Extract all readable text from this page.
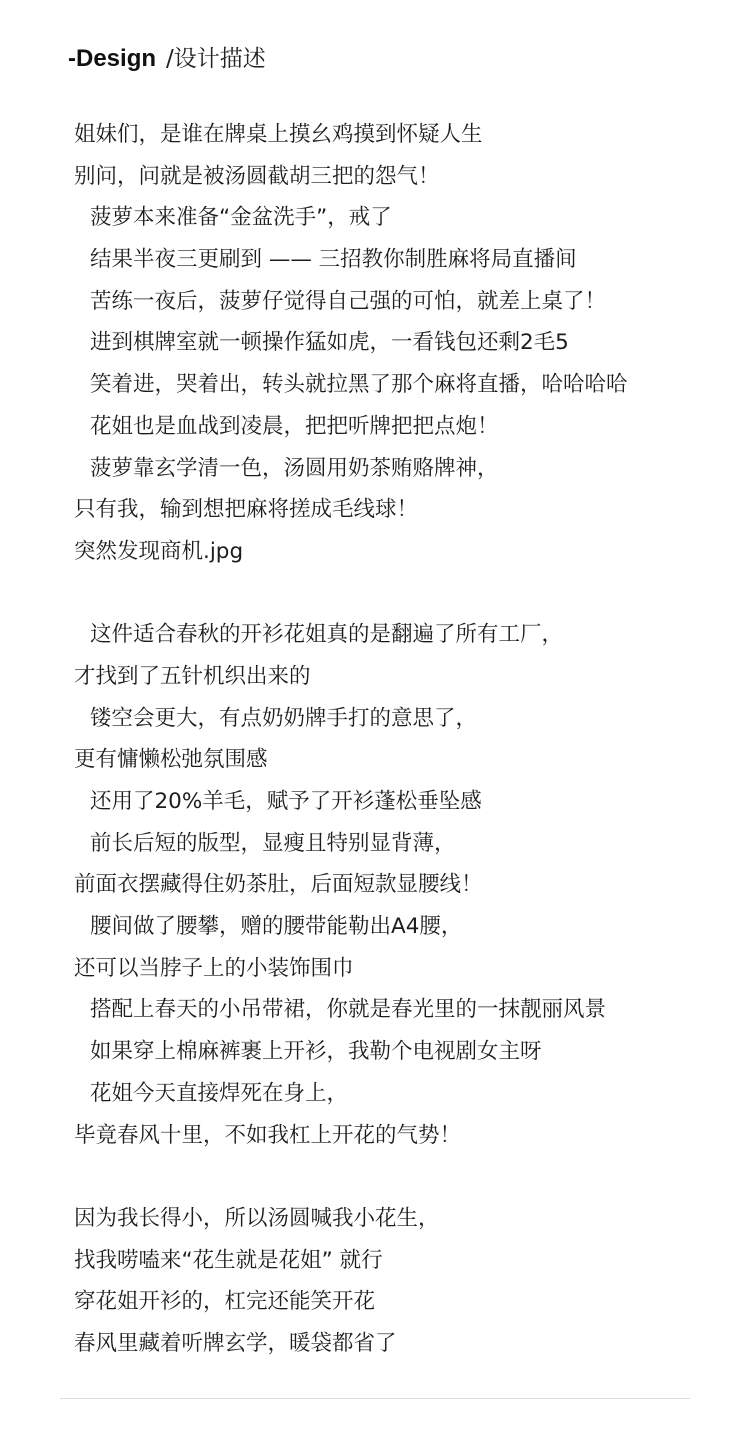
-Design /设计描述
姐妹们，是谁在牌桌上摸幺鸡摸到怀疑人生
别问，问就是被汤圆截胡三把的怨气！
菠萝本来准备“金盆洗手”，戒了
结果半夜三更刷到 —— 三招教你制胜麻将局直播间
苦练一夜后，菠萝仔觉得自己强的可怕，就差上桌了！
进到棋牌室就一顿操作猛如虎，一看钱包还剩2毛5
笑着进，哭着出，转头就拉黑了那个麻将直播，哈哈哈哈
花姐也是血战到凌晨，把把听牌把把点炮！
菠萝靠玄学清一色，汤圆用奶茶贿赂牌神，
只有我，输到想把麻将搓成毛线球！
突然发现商机.jpg
这件适合春秋的开衫花姐真的是翻遍了所有工厂，
才找到了五针机织出来的
镂空会更大，有点奶奶牌手打的意思了，
更有慵懒松弛氛围感
还用了20%羊毛，赋予了开衫蓬松垂坠感
前长后短的版型，显瘦且特别显背薄，
前面衣摆藏得住奶茶肚，后面短款显腰线！
腰间做了腰攀，赠的腰带能勒出A4腰，
还可以当脖子上的小装饰围巾
搭配上春天的小吊带裙，你就是春光里的一抹靓丽风景
如果穿上棉麻裤裹上开衫，我勒个电视剧女主呀
花姐今天直接焊死在身上，
毕竟春风十里，不如我杠上开花的气势！
因为我长得小，所以汤圆喊我小花生，
找我唠嗑来“花生就是花姐” 就行
穿花姐开衫的，杠完还能笑开花
春风里藏着听牌玄学，暖袋都省了
